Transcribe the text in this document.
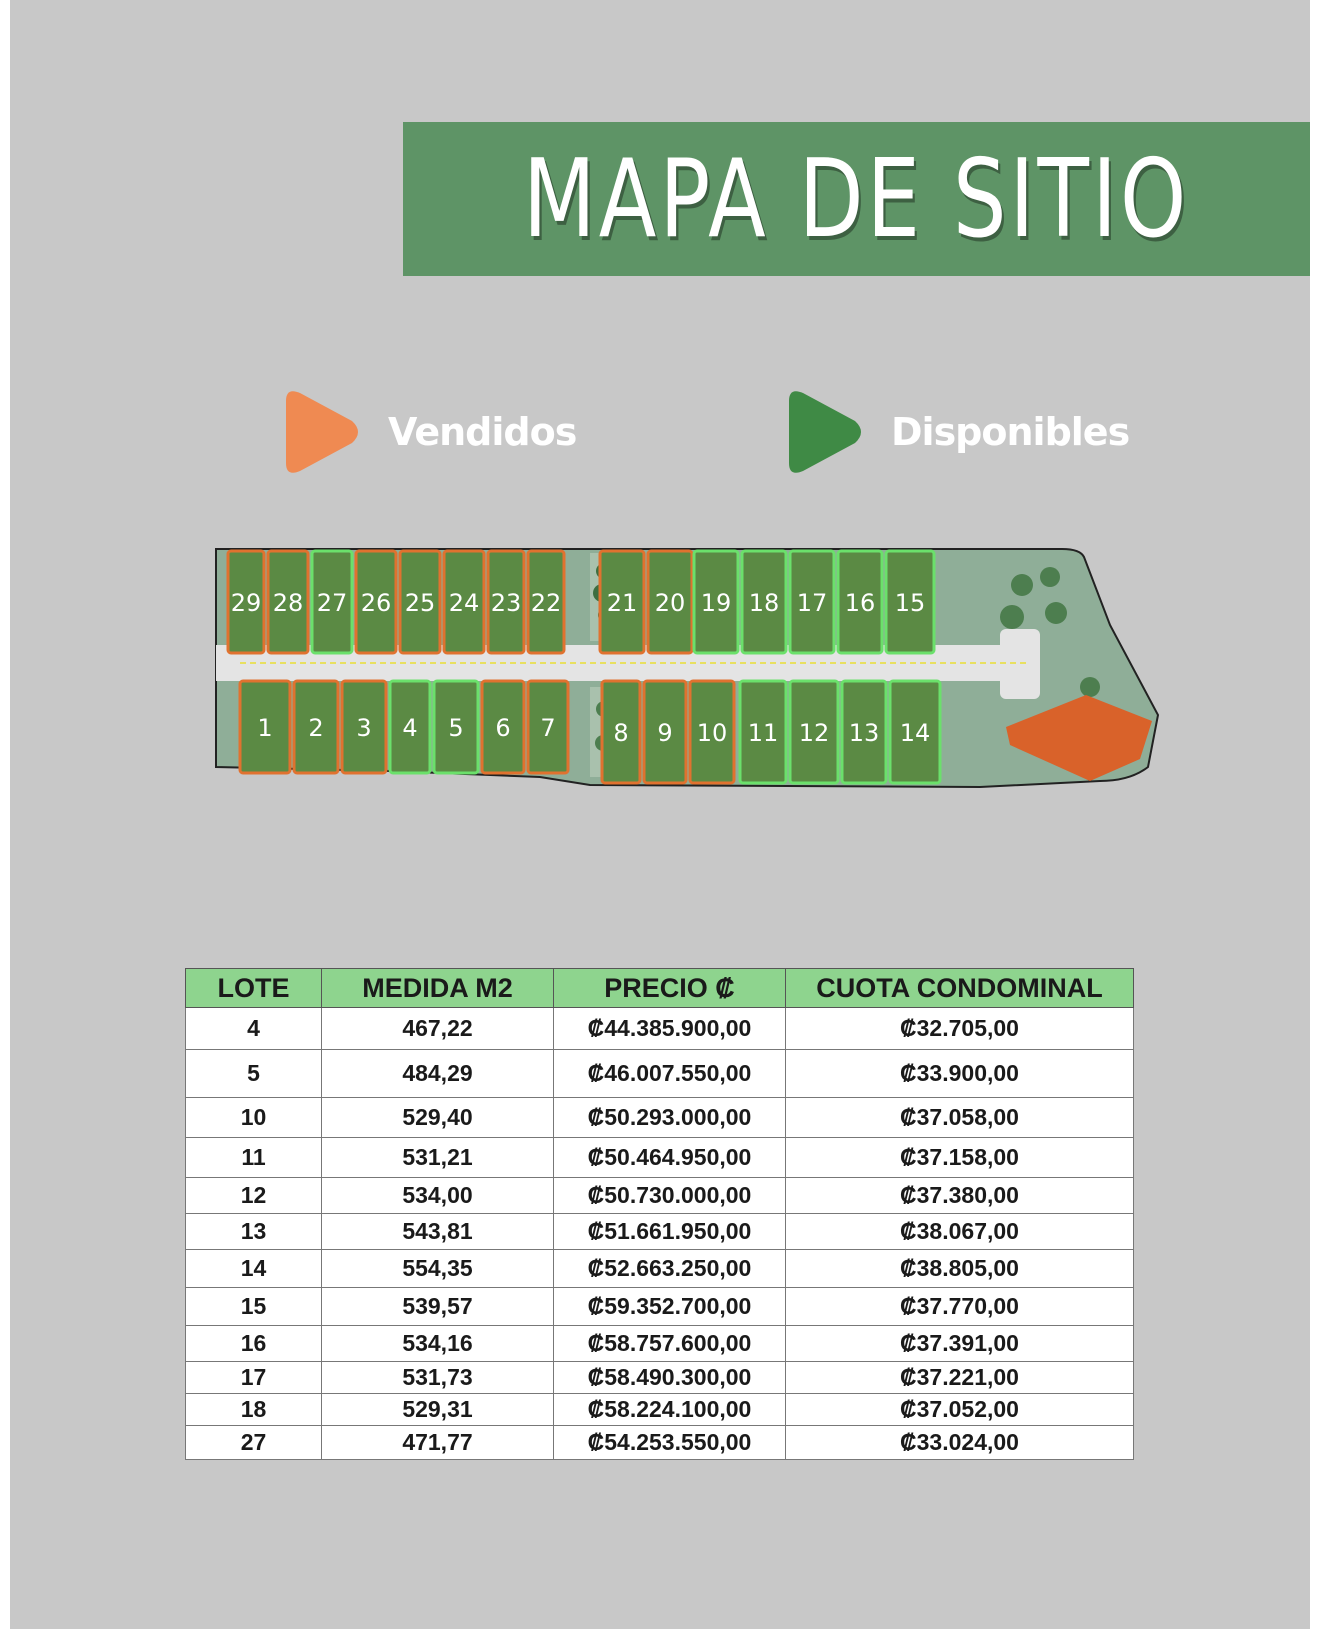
MAPA DE SITIO
Vendidos	Disponibles
29 28 27 26 25 24 23 22 21 20 19 18 17 16 15
1 2 3 4 5 6 7 8 9 10 11 12 13 14
LOTE	MEDIDA M2	PRECIO ₡	CUOTA CONDOMINAL
4	467,22	₡44.385.900,00	₡32.705,00
5	484,29	₡46.007.550,00	₡33.900,00
10	529,40	₡50.293.000,00	₡37.058,00
11	531,21	₡50.464.950,00	₡37.158,00
12	534,00	₡50.730.000,00	₡37.380,00
13	543,81	₡51.661.950,00	₡38.067,00
14	554,35	₡52.663.250,00	₡38.805,00
15	539,57	₡59.352.700,00	₡37.770,00
16	534,16	₡58.757.600,00	₡37.391,00
17	531,73	₡58.490.300,00	₡37.221,00
18	529,31	₡58.224.100,00	₡37.052,00
27	471,77	₡54.253.550,00	₡33.024,00
